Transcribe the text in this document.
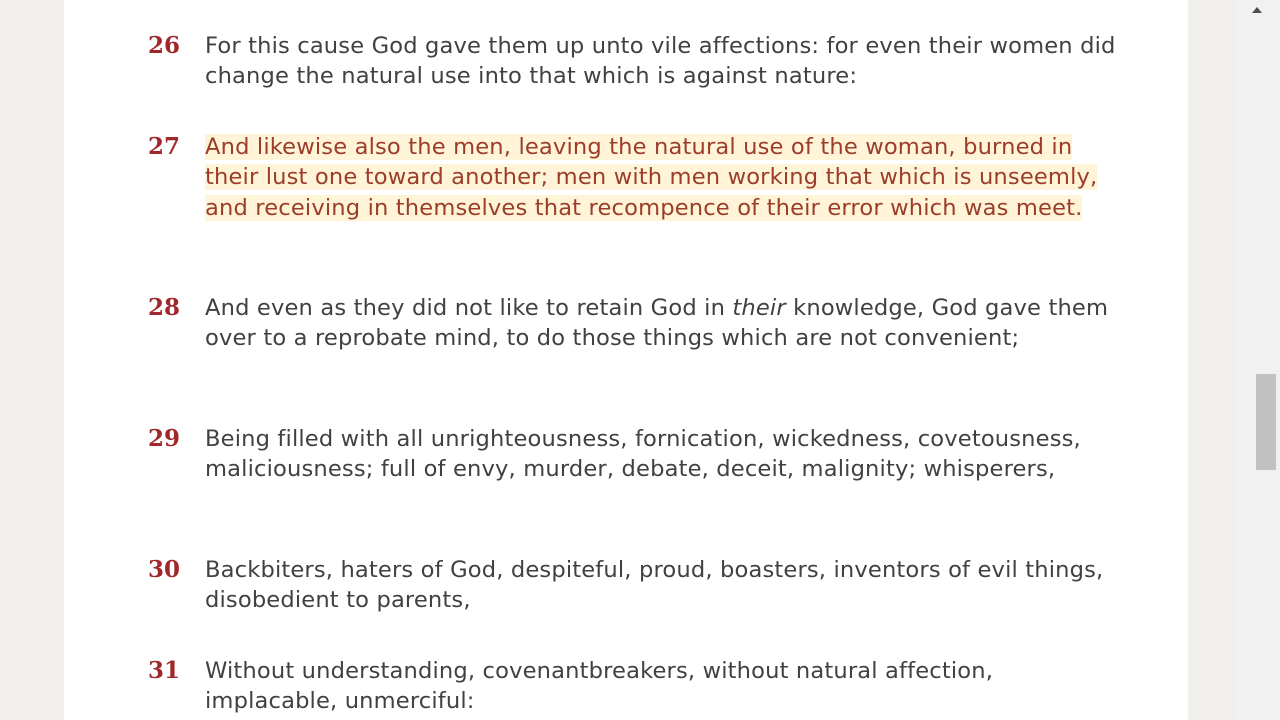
26 For this cause God gave them up unto vile affections: for even their women did change the natural use into that which is against nature:
27 And likewise also the men, leaving the natural use of the woman, burned in their lust one toward another; men with men working that which is unseemly, and receiving in themselves that recompence of their error which was meet.
28 And even as they did not like to retain God in their knowledge, God gave them over to a reprobate mind, to do those things which are not convenient;
29 Being filled with all unrighteousness, fornication, wickedness, covetousness, maliciousness; full of envy, murder, debate, deceit, malignity; whisperers,
30 Backbiters, haters of God, despiteful, proud, boasters, inventors of evil things, disobedient to parents,
31 Without understanding, covenantbreakers, without natural affection, implacable, unmerciful:
